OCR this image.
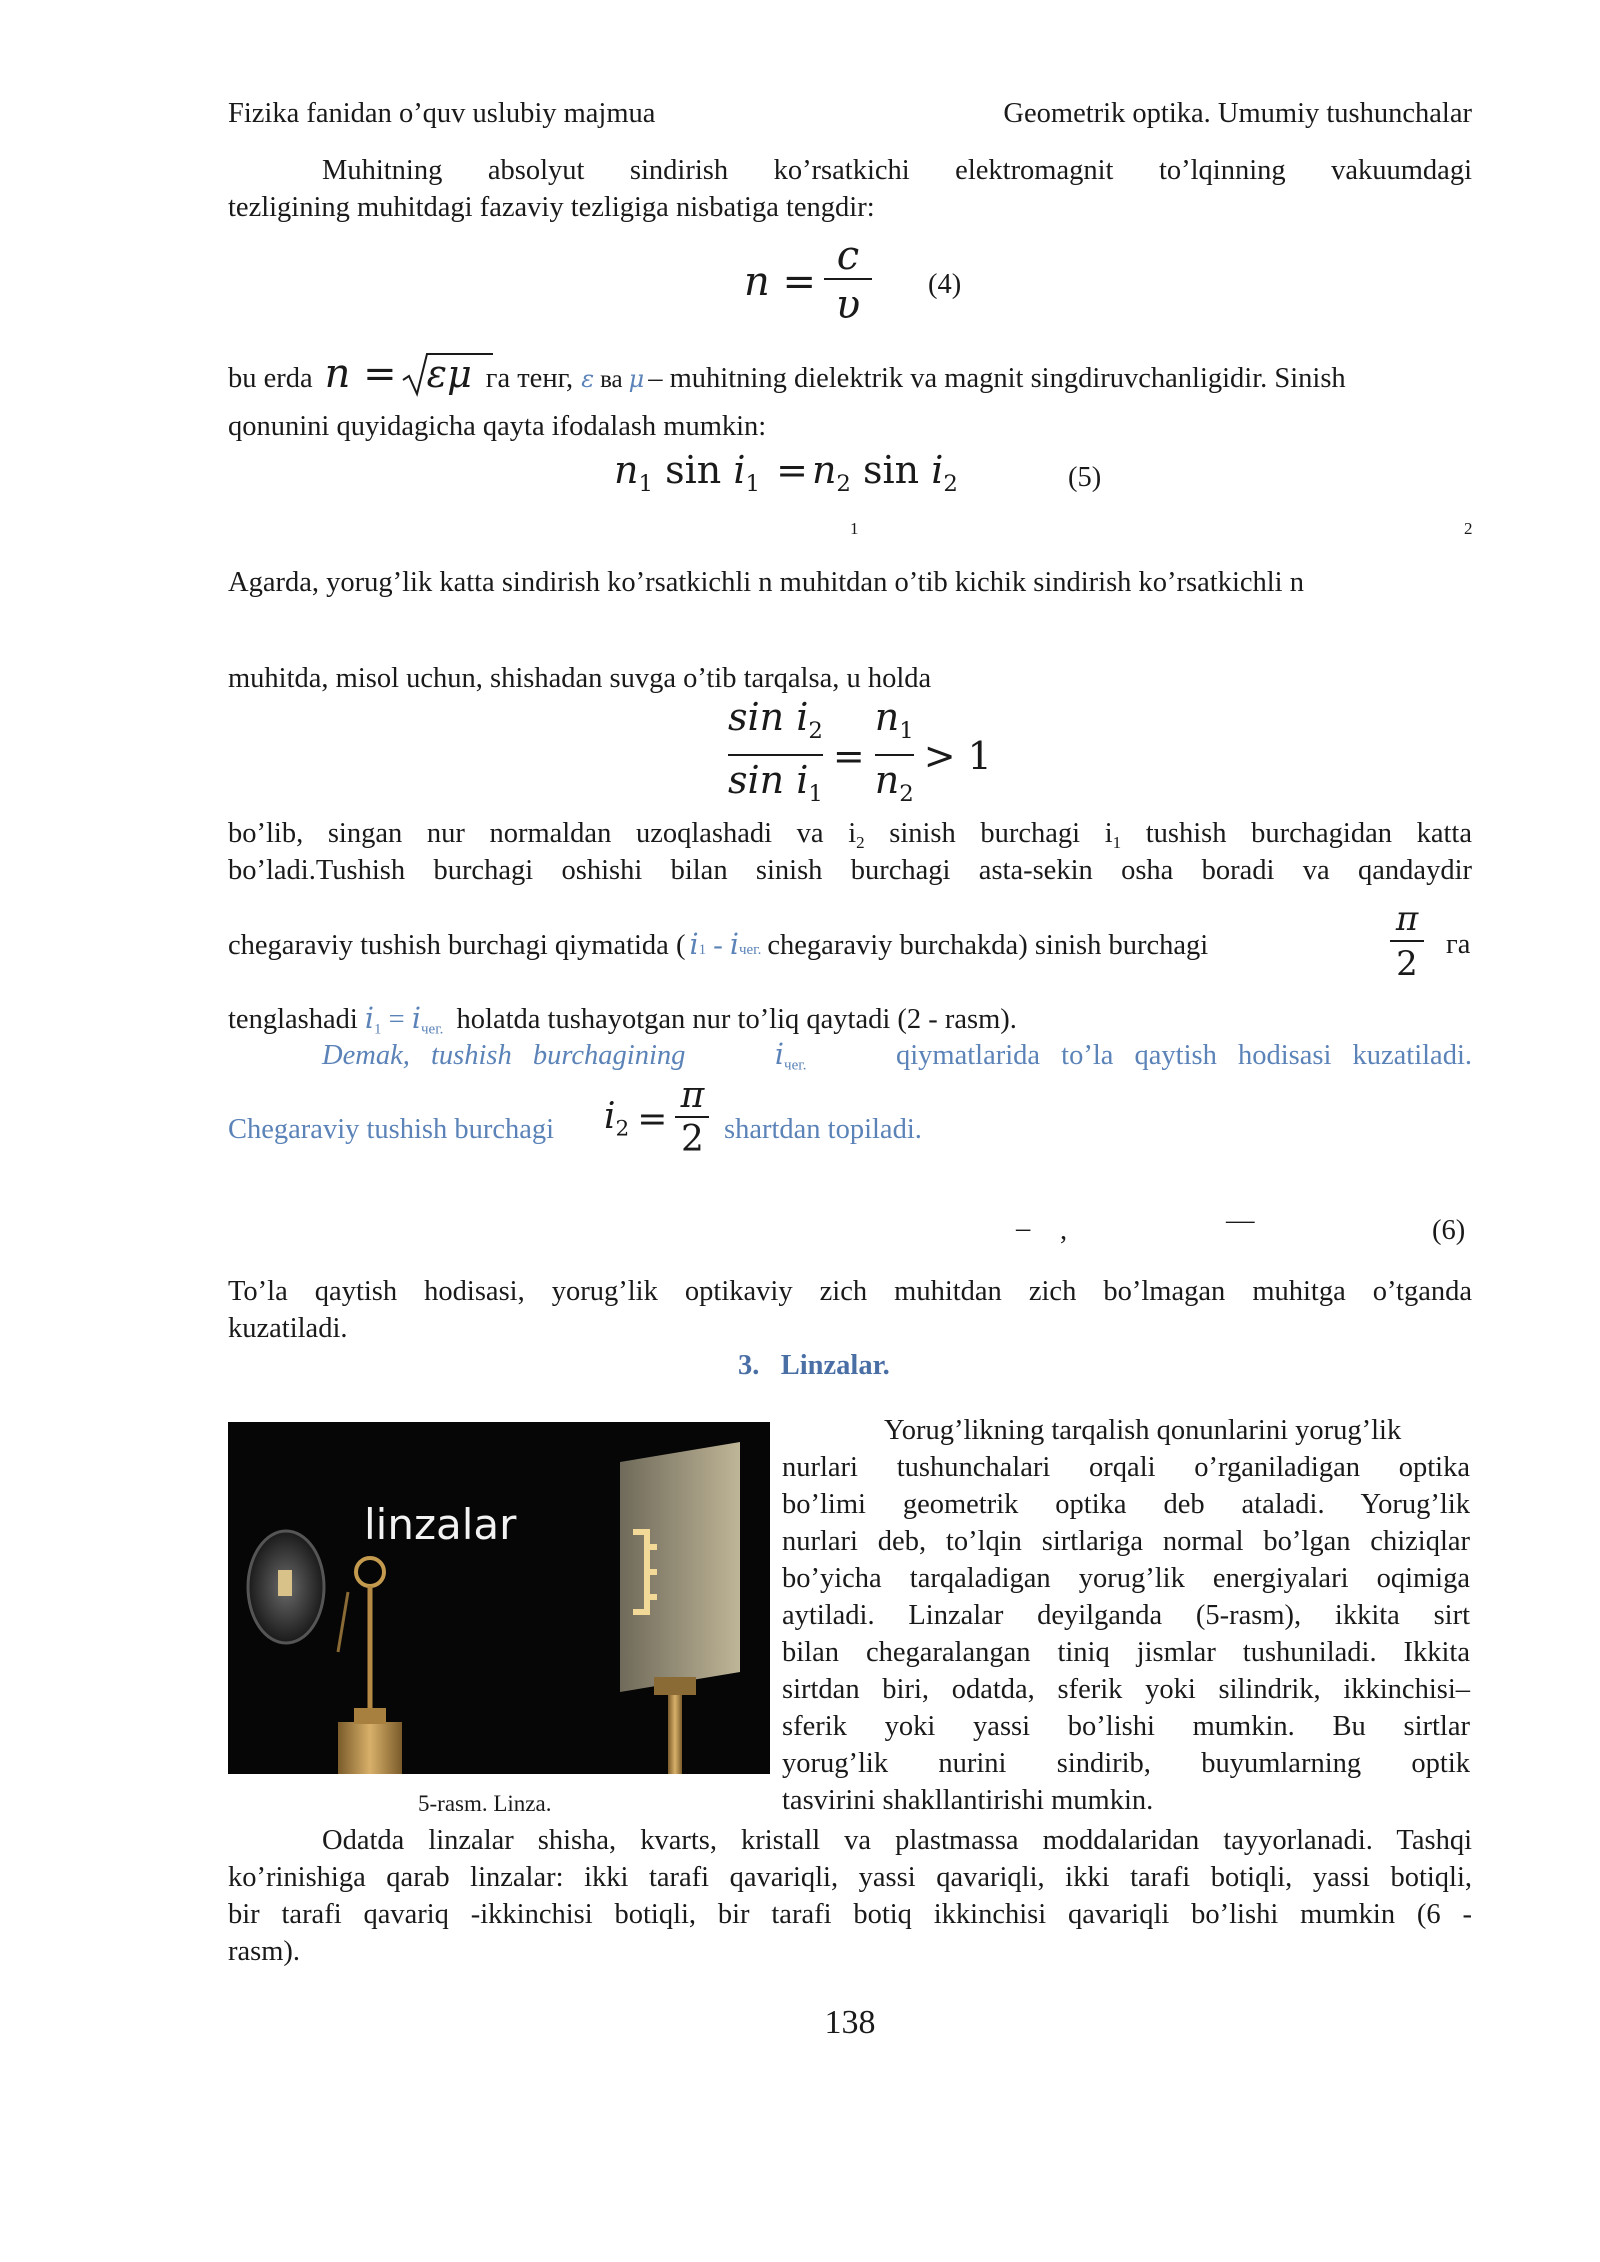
Fizika fanidan o’quv uslubiy majmua	Geometrik optika. Umumiy tushunchalar
Muhitning absolyut sindirish ko’rsatkichi elektromagnit to’lqinning vakuumdagi
tezligining muhitdagi fazaviy tezligiga nisbatiga tengdir:
$n = \frac{c}{\upsilon} (4)$
bu erda n = εμ га тенг, ε ва μ – muhitning dielektrik va magnit singdiruvchanligidir. Sinish
qonunini quyidagicha qayta ifodalash mumkin:
$n_1$ $\sin i_1 = n_2$ $\sin i_2$	(5)
1	2
Agarda, yorug’lik katta sindirish ko’rsatkichli n muhitdan o’tib kichik sindirish ko’rsatkichli n
muhitda, misol uchun, shishadan suvga o’tib tarqalsa, u holda
$\frac{\sin i_2}{\sin i_1} = \frac{n_1}{n_2} > 1$
bo’lib, singan nur normaldan uzoqlashadi va $i_2$ sinish burchagi $i_1$ tushish burchagidan katta
bo’ladi.Tushish burchagi oshishi bilan sinish burchagi asta-sekin osha boradi va qandaydir
chegaraviy tushish burchagi qiymatida ( $i_1 - i_{чег.}$ chegaraviy burchakda) sinish burchagi	$\frac{\pi}{2}$ га
tenglashadi $i_1 = i_{чег.}$ holatda tushayotgan nur to’liq qaytadi (2 - rasm).
Demak, tushish burchagining	$i_{чег.}$	qiymatlarida to’la qaytish hodisasi kuzatiladi.
Chegaraviy tushish burchagi $i_2 = \frac{\pi}{2}$ shartdan topiladi.
– ,	—	(6)
To’la qaytish hodisasi, yorug’lik optikaviy zich muhitdan zich bo’lmagan muhitga o’tganda
kuzatiladi.
3.   Linzalar.
linzalar
5-rasm. Linza.
Yorug’likning tarqalish qonunlarini yorug’lik
nurlari tushunchalari orqali o’rganiladigan optika
bo’limi geometrik optika deb ataladi. Yorug’lik
nurlari deb, to’lqin sirtlariga normal bo’lgan chiziqlar
bo’yicha tarqaladigan yorug’lik energiyalari oqimiga
aytiladi. Linzalar deyilganda (5-rasm), ikkita sirt
bilan chegaralangan tiniq jismlar tushuniladi. Ikkita
sirtdan biri, odatda, sferik yoki silindrik, ikkinchisi–
sferik yoki yassi bo’lishi mumkin. Bu sirtlar
yorug’lik nurini sindirib, buyumlarning optik
tasvirini shakllantirishi mumkin.
Odatda linzalar shisha, kvarts, kristall va plastmassa moddalaridan tayyorlanadi. Tashqi
ko’rinishiga qarab linzalar: ikki tarafi qavariqli, yassi qavariqli, ikki tarafi botiqli, yassi botiqli,
bir tarafi qavariq -ikkinchisi botiqli, bir tarafi botiq ikkinchisi qavariqli bo’lishi mumkin (6 -
rasm).
138
